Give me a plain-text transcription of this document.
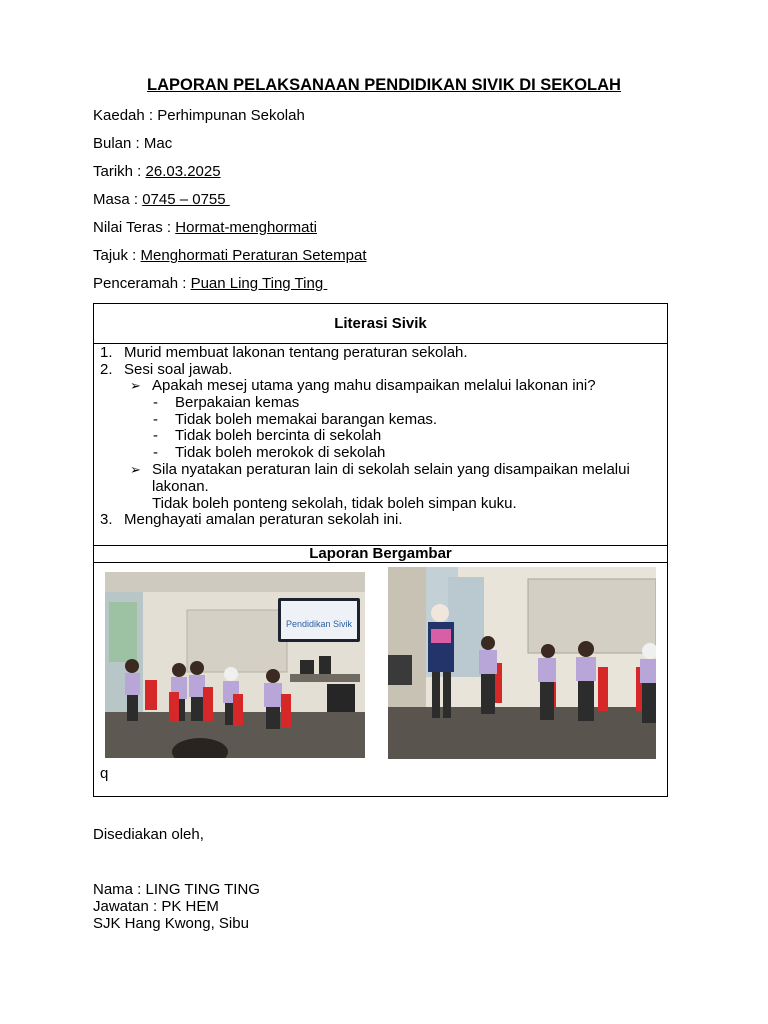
LAPORAN PELAKSANAAN PENDIDIKAN SIVIK DI SEKOLAH
Kaedah : Perhimpunan Sekolah
Bulan : Mac
Tarikh : 26.03.2025
Masa : 0745 – 0755
Nilai Teras : Hormat-menghormati
Tajuk : Menghormati Peraturan Setempat
Penceramah : Puan Ling Ting Ting
Literasi Sivik
1. Murid membuat lakonan tentang peraturan sekolah.
2. Sesi soal jawab.
➢ Apakah mesej utama yang mahu disampaikan melalui lakonan ini?
- Berpakaian kemas
- Tidak boleh memakai barangan kemas.
- Tidak boleh bercinta di sekolah
- Tidak boleh merokok di sekolah
➢ Sila nyatakan peraturan lain di sekolah selain yang disampaikan melalui
lakonan.
Tidak boleh ponteng sekolah, tidak boleh simpan kuku.
3. Menghayati amalan peraturan sekolah ini.
Laporan Bergambar
Pendidikan Sivik
q
Disediakan oleh,
Nama : LING TING TING
Jawatan : PK HEM
SJK Hang Kwong, Sibu
